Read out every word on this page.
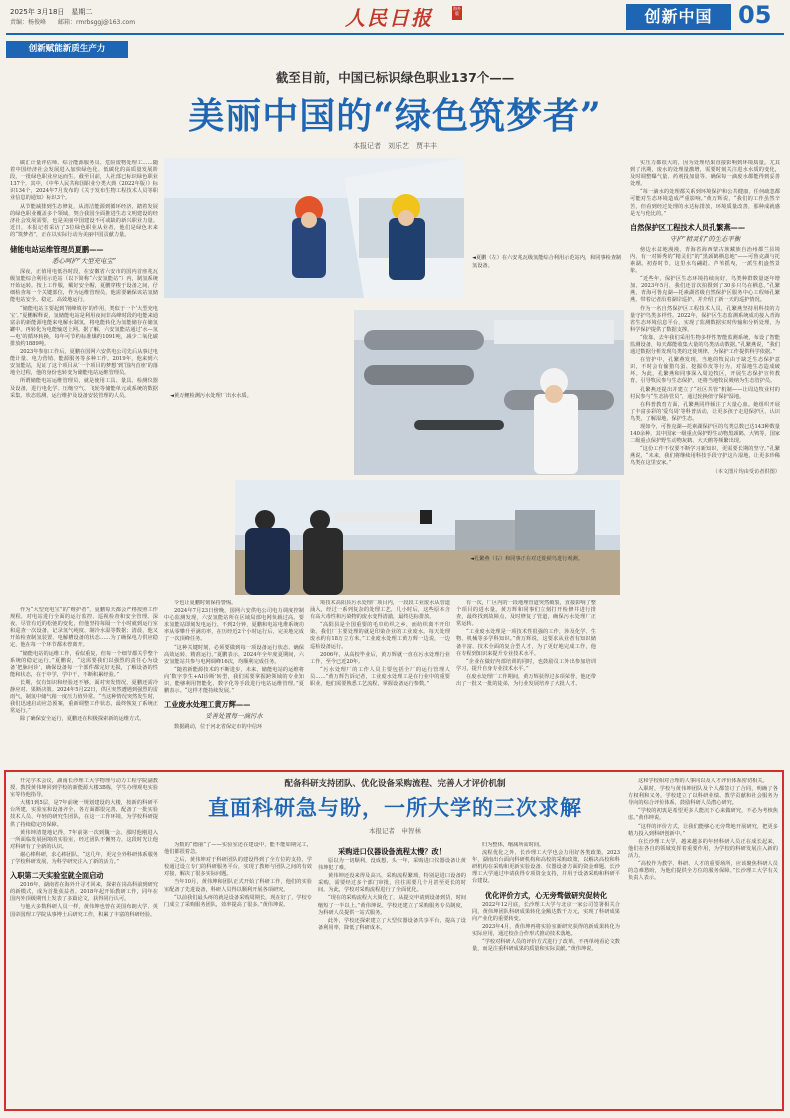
2025年 3月18日　星期二
责编：杨俊峰　　邮箱：rmrbsggj@163.com	人民日报	海外版	创新中国	05
创新赋能新质生产力
截至目前，中国已标识绿色职业137个——
美丽中国的“绿色筑梦者”
本报记者　刘乐艺　贾丰丰

碳汇计量评估师、综合能源服务员、危险废物处理工……随着中国经济社会发展进入加快绿色化、低碳化的高质量发展阶段，一批绿色职业应运而生。截至目前，人社部已标识绿色职业137个，其中，《中华人民共和国职业分类大典（2022年版）》标识134个，2024年7月发布的《关于发布生物工程技术人员等职业信息的通知》标识3个。

从节能减排到生态修复，从清洁能源到循环经济，踏着发展的绿色职业覆盖多个领域，契合我国全面推进生态文明建设的经济社会发展需要，也是美丽中国建设不可或缺的新兴职业力量。近日，本报记者采访了3位绿色职业从业者，他们是绿色未来的“筑梦者”，正在以实际行动为美丽中国贡献力量。

储能电站运维管理员夏鹏——

悉心呵护“大型充电宝”

深夜，正值用电低谷时段，在安徽省六安市的国内首座兆瓦级氢能综合利用示范站（以下简称“六安氢能站”）内，制氢系统开始运转。按上工作服，戴好安全帽，夏鹏穿梭于设备之间，仔细检查每一个关键部位，作为运维管理员，他需要确保该站氢储能电站安全、稳定、高效地运行。

“储能电站主要起到‘削峰填谷’的作用，类似于一个‘大型充电宝’。”夏鹏解释说，氢储能电站是利用夜间非高峰时段的电能来通富余的新能源电能来电解水制氢，将电能转化为氢能储存在储氢罐中。再转化为电能输送上网。据了解，六安氢能站通过‘水—氢—电’的循环转换，每年可节约标准煤约1091吨，减少二氧化碳排放约1889吨。

2023年参加工作后，夏鹏在国网六安供电公司先后从事过电能计量、电力营销、能源服务等多种工作。2019年，他来到六安氢能站，见证了这个项目从‘一个项目的梦想’到‘国内首座’的落地全过程，他的身份也转变为储能电站运维管理员。

所谓储能电站运维管理员，就是使用工具、量具、检测仪器及设备，进行电化学、压缩空气、飞轮等储能单元或系统的数据采集、状态监测、运行维护及设备安装管理的人员。

作为“大型充电宝”的“维护者”，夏鹏每天都会严格按照工作规程，对电站进行全面的运行监控、巡视检查和安全管理。深夜，尽管有近的松弛的变化，但他坚持每隔一个小时就到运行室和巡查一次设备，记录氢气纯度、制冷水温等数据；清晨，他又开始检查制氢装置、电解槽设备的状态……为了确保电力供应稳定，他在每一个环节都未曾离开。

“储能电站的运维工作，看似重复，但每一个细节都关乎整个系统的稳定运行。”夏鹏说，“这需要我们以强烈的责任心为设备‘把脉问诊’，确保设备每一个部件都完好无损，了解设备的性能和状态，在于中学，学中干，不断积累经验。”

长期，仅有知识和经验还不够。面对突发情况，夏鹏还需冷静应对、果断决策。2024年5月22日，供区突然遭遇到强烈的雷雨气，制氢中储气箱一度压力值异常。“当这种情况突然发生时，我们迅速启动应急预案，重新调整工作状态，最终恢复了系统正常运行。”

除了确保安全运行，夏鹏还在积极探索新的运维方式。

◄夏鹏（左）在六安兆瓦级氢能综合利用示范站内，和同事检查制氢设备。
◄黄万鲤检测污水处理厂出水水质。
◄孔繁燕（右）和同事正在对迁徙候鸟进行观测。

令也让夏鹏时刻保持警惕。

2024年7月23日傍晚，国网六安供电公司电力调度控制中心监测发现，六安氢能站所在区域局部电网负载过高。要求氢能站即刻发电运行。不到2分钟，夏鹏和电站电堆系统功率从零攀升至满功率，在历经近2个小时运行后，完美地完成了一次顶峰任务。

“这种关键时刻，必须要做到每一项设备运行状态、确保高效运转、精准运行。”夏鹏表示，2024年全年度夏期间，六安氢能站共参与电网调峰16次，均顺利完成任务。

“随着新能源技术的不断进步，未来，储能电站的运维将向‘数字孪生+AI诊断’转型，我们需要掌握跨领域的专业知识，能够利用智能化、数字化等手段进行电站运维管理。”夏鹏表示。“这样才能持续发展。”

工业废水处理工黄万辉——

妥善处置每一滴污水

数据跳动，位于河北省保定市的中信环

境技术高阳县污水处理厂项目内，一段段工业废水从管道涌入，经过一系列复杂的处理工艺，几小时后，这些原本含有高大毒性和污染物的废水变得清澈，最终达标排放。

“高阳县是全国重要的毛巾纺织之乡，而纺织离不开印染。我们厂主要处理的就是印染企业的工业废水。每天处理废水约有18万立方米。”工业废水处理工黄万辉一边说，一边巡检设备运行。

2006年，从高校毕业后，黄万辉就一直在污水处理行业工作，至今已近20年。

“污水处理厂的工作人员主要包括全厂的运行管理人员……”黄万辉告诉记者，工业废水处理工是在行业中的重要职业，他们需要熟悉工艺流程，掌握设备运行参数。”

有一次，厂区内的一段地埋管道突然破裂，直接影响了整个项目的进水量。黄万辉和同事们立刻打开检修井进行排查，最终找到故障点，及时修复了管道，确保污水处理厂正常运转。

“工业废水处理是一项技术性很强的工作，涉及化学、生物、机械等多学科知识。”黄万辉说，这要求从业者有知识储备丰富、技术全面的复合型人才，为了更好地完成工作，他在专程到知识来提升专业技术水平。

“企业在做好内部培训的同时，也鼓励员工外出参加培训学习，提升自身专业技术水平。”

在废水处理厂工作期间，黄万辉获得过多项荣誉，他还带出了一批又一批的徒弟，为行业发展培养了大批人才。

实压力都很大的，因为处理结果直接影响到环境质量。尤其到了汛期，废水的处理量激增，需要时刻关注进水水质的变化，及时调整曝气量、药剂投加量等，确保每一滴废水都能得到妥善处理。

“每一滴水的处理都关系到环境保护和公共健康，任何疏忽都可能对生态环境造成严重影响。”黄万辉说，“我们的工作虽然辛苦，但看到经过处理的水达标排放，环境质量改善，那种成就感是无与伦比的。”

自然保护区工程技术人员孔繁燕——

守护“精灵们”的生态平衡

傍边水盆地漫漫，青海省海西蒙古族藏族自治州都兰县境内，有一对娇秀的“精灵们”的“黑颈鹤栖息地”——可鲁克湖与托素湖。初春时节，这里水鸟翩跹、芦苇摇曳，一派生机盎然景象。

“近些年，保护区生态环境持续向好，鸟类种群数量逐年增加，2023年5月，我们还首次拍摄到了30多只鸟在栖息。”孔繁燕，青海可鲁克湖—托素湖省级自然保护区服务中心工程师孔繁燕，带着记者沿着湖岸巡护，并介绍了新一天的巡护情况。

作为一名自然保护区工程技术人员，孔繁燕坚持用科技的力量守护鸟类多样性。2022年，保护区生态监测系统成功接入青海省生态环境信息平台，实现了监测数据实时传输和分析处理，为科学保护提供了数据支撑。

“依靠，去年我们采用生物多样性智能监测系统，布设了智能监测设备，每天都能收集大量的鸟类活动数据。”孔繁燕说，“我们通过数据分析发现鸟类的迁徙规律，为保护工作提供科学依据。”

在管护中，孔繁燕发现，当地的牧民由于缺乏生态保护意识，不时会有偷猎鸟蛋、挖掘草皮等行为，对湿地生态造成破坏。为此，孔繁燕和同事深入周边牧区，开展生态保护宣传教育，引导牧民参与生态保护，还将当地牧民吸纳为生态管护员。

孔繁燕还提出并建立了“社区共管”机制——让周边牧业村的村民参与“生态协管员”，通过轮换值守保护湿地。

在科普教育方面，孔繁燕同样倾注了大量心血。她组织开展了丰富多彩的‘爱鸟周’等科普活动，让更多孩子走进保护区，认识鸟类，了解湿地，保护生态。

现如今，可鲁克湖—托素湖保护区的鸟类总数已达143种数量140余种，其中国家一级重点保护野生动物黑颈鹤、大鸨等，国家二级重点保护野生动物灰鹤、大天鹅等频繁出现。

“这份工作不仅要不断学习新知识，更需要长期的坚守。”孔繁燕说，“未来，我们将继续用科技手段守护这片湿地，让更多珍稀鸟类在这里安家。”

（本文图片均由受访者供图）

配备科研支持团队、优化设备采购流程、完善人才评价机制
直面科研急与盼，一所大学的三次求解
本报记者　申智林

开完学术会议，湖南长沙理工大学物理与动力工程学院副教授、教授黄伟坤回到学校的新能源大楼3B栋，学生办理观电实验室等待他指导。

大楼1到5层，是7年前统一规划建设的大楼，按新的科研平台所建，实验室和设备齐全，各方面都很完善，配备了一批实验技术人员、年轻的研究生团队，在这一工作环境，为学校科研提供了持续稳定的保障。

黄伟坤清楚地记得，7年前第一次到魏一会。那时他刚进入一所面临发展困境的实验室，经过团队不懈努力，这段时光让他对科研有了全新的认识。

谢心棒科研，求心棒团队。“这几年，更完全外科研体系服务了学校科研发展，为科学研究注入了新的活力。”

入职第二天实验室就全面启动

2016年，湖南省在海外升寻才回来，探索在岗高科前到研究的新模式，成为首批获益者。2018年起开始教研工作，同年在国内外顶级期刊上发表了多篇论文，获得同行认可。

与他大多数科研人员一样，黄伟坤也曾在美国布朗大学、英国帝国理工学院从事博士后研究工作，积累了丰富的科研经验。

为数的“德丽”了——实验室还在建设中，能不能如期完工，他们都很着急。

之后，黄伟坤对于科研团队的建设得到了全方位的支持，学校通过设立专门的科研服务平台，实现了教师与团队之间的有效对接，解决了很多实际问题。

当年10月，黄伟坤和团队正式开始了科研工作，他们的实验室配备了先进设备，科研人员得以顺利开展各项研究。

“以前我们最头疼的就是设备采购周期长，现在好了，学校专门成立了采购服务团队，效率提高了很多。”黄伟坤说。

采购进口仪器设备流程太慢？改！

原以为一切顺利，没成想，头一年，采购进口仪器设备让黄伟坤犯了难。

黄伟坤还没来得及高兴，采购流程繁琐，特别是进口设备的采购，需要经过多个部门审批，往往需要几个月甚至更长的时间。为此，学校对采购流程进行了全面优化。

“现在的采购流程大大简化了，从提交申请到设备到货，时间缩短了一半以上。”黄伟坤说。学校还建立了采购服务专员制度，为科研人员提供一站式服务。

此外，学校还探索建立了大型仪器设备共享平台，提高了设备利用率，降低了科研成本。

归为整体，缩减所需时间。

流程优化之外，长沙理工大学也会力用好各类政策。2023年，湖南出台面向科研机构和高校的采购政策，以解决高校和科研机构在采购和更新实验设备、仪器设备方面的资金难题。长沙理工大学通过申请获得专项资金支持，并用于设备采购和科研平台建设。

优化评价方式，心无旁骛做研究促转化

2022年12月底，长沙理工大学与北京一家公司签署相关合同，黄伟坤团队科研成果转化金额达数千万元，实现了科研成果向产业化的重要转变。

2023年4月，黄伟坤再将实验室新研究获得的新成果转化为实际应用，通过校企合作形式推动技术落地。

“学校对科研人员的评价方式进行了改革，不再单纯看论文数量，而是注重科研成果的质量和实际贡献。”黄伟坤说。

这和学校相对合理的人事同以及人才评价体系密切相关。

入职时，学校与黄伟坤团队及个人都签订了合同，明确了各方权利和义务。学校建立了以科研业绩、教学贡献和社会服务为导向的综合评价体系，鼓励科研人员潜心研究。

“学校的初衷是希望更多人能沉下心来做研究，不必为考核焦虑。”黄伟坤说。

“这样的评价方式，让我们能够心无旁骛地开展研究，把更多精力投入到科研创新中。”

在长沙理工大学，越来越多的年轻科研人员正在成长起来，他们在各自的领域发挥着重要作用，为学校的科研发展注入新的活力。

“高校作为教学、科研、人才的重要场所，应该聚焦科研人员的急难愁盼，为他们提供全方位的服务保障。”长沙理工大学有关负责人表示。
